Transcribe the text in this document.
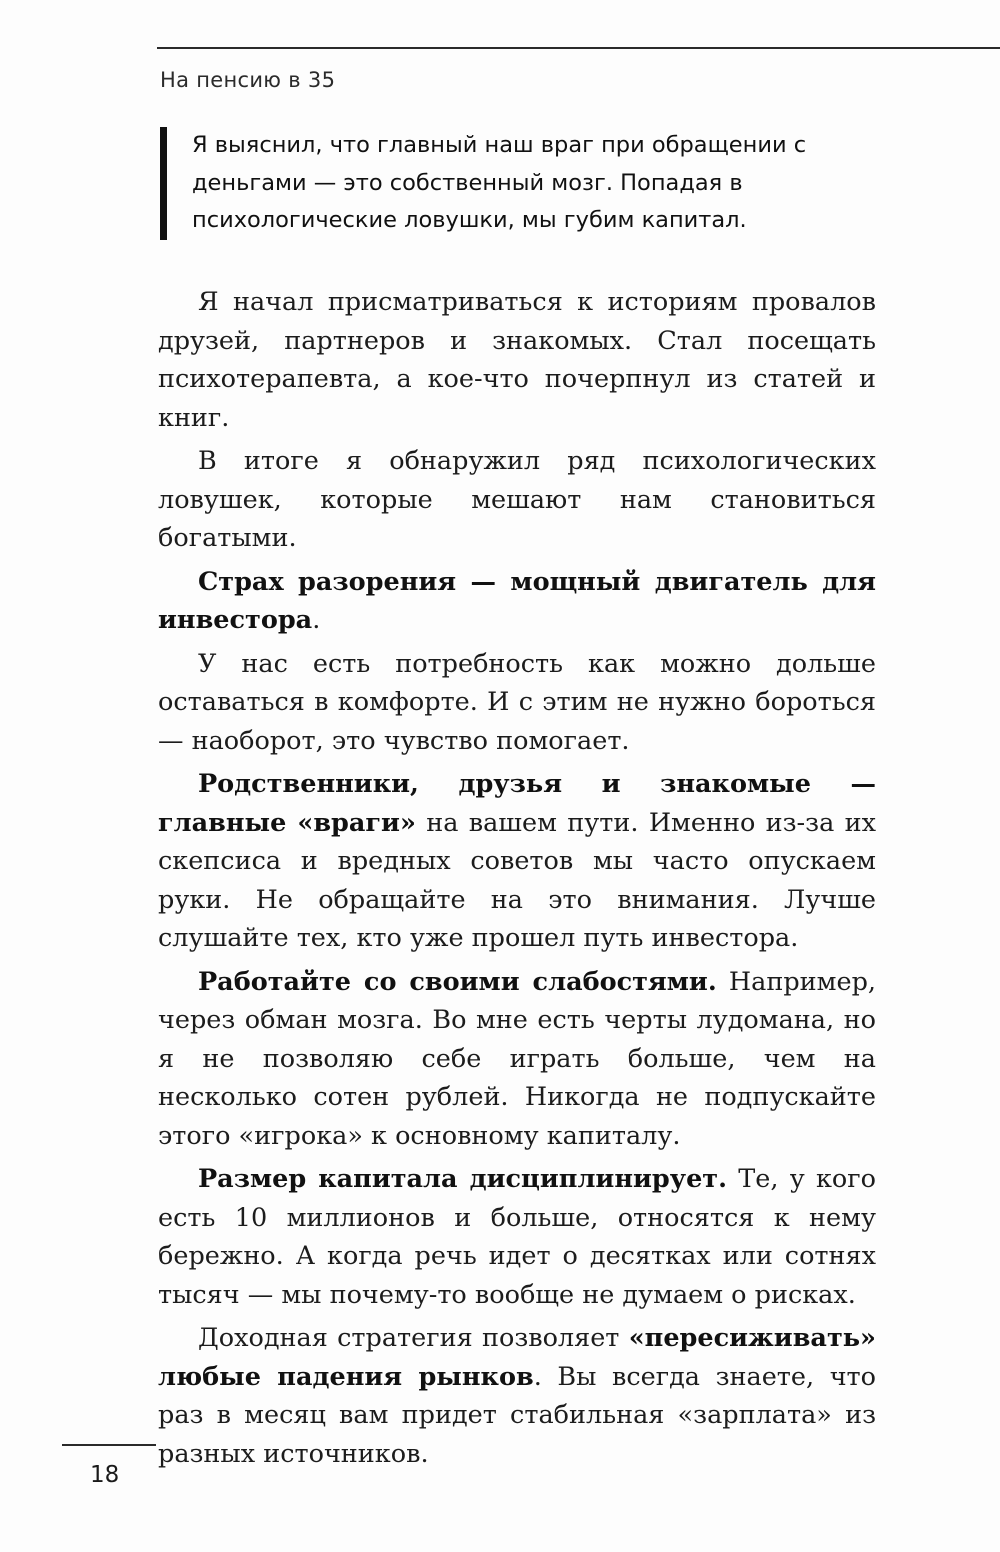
На пенсию в 35

Я выяснил, что главный наш враг при обращении с деньгами — это собственный мозг. Попадая в психологические ловушки, мы губим капитал.

Я начал присматриваться к историям провалов друзей, партнеров и знакомых. Стал посещать психотерапевта, а кое-что почерпнул из статей и книг.

В итоге я обнаружил ряд психологических ловушек, которые мешают нам становиться богатыми.

Страх разорения — мощный двигатель для инвестора.

У нас есть потребность как можно дольше оставаться в комфорте. И с этим не нужно бороться — наоборот, это чувство помогает.

Родственники, друзья и знакомые — главные «враги» на вашем пути. Именно из-за их скепсиса и вредных советов мы часто опускаем руки. Не обращайте на это внимания. Лучше слушайте тех, кто уже прошел путь инвестора.

Работайте со своими слабостями. Например, через обман мозга. Во мне есть черты лудомана, но я не позволяю себе играть больше, чем на несколько сотен рублей. Никогда не подпускайте этого «игрока» к основному капиталу.

Размер капитала дисциплинирует. Те, у кого есть 10 миллионов и больше, относятся к нему бережно. А когда речь идет о десятках или сотнях тысяч — мы почему-то вообще не думаем о рисках.

Доходная стратегия позволяет «пересиживать» любые падения рынков. Вы всегда знаете, что раз в месяц вам придет стабильная «зарплата» из разных источников.

18
